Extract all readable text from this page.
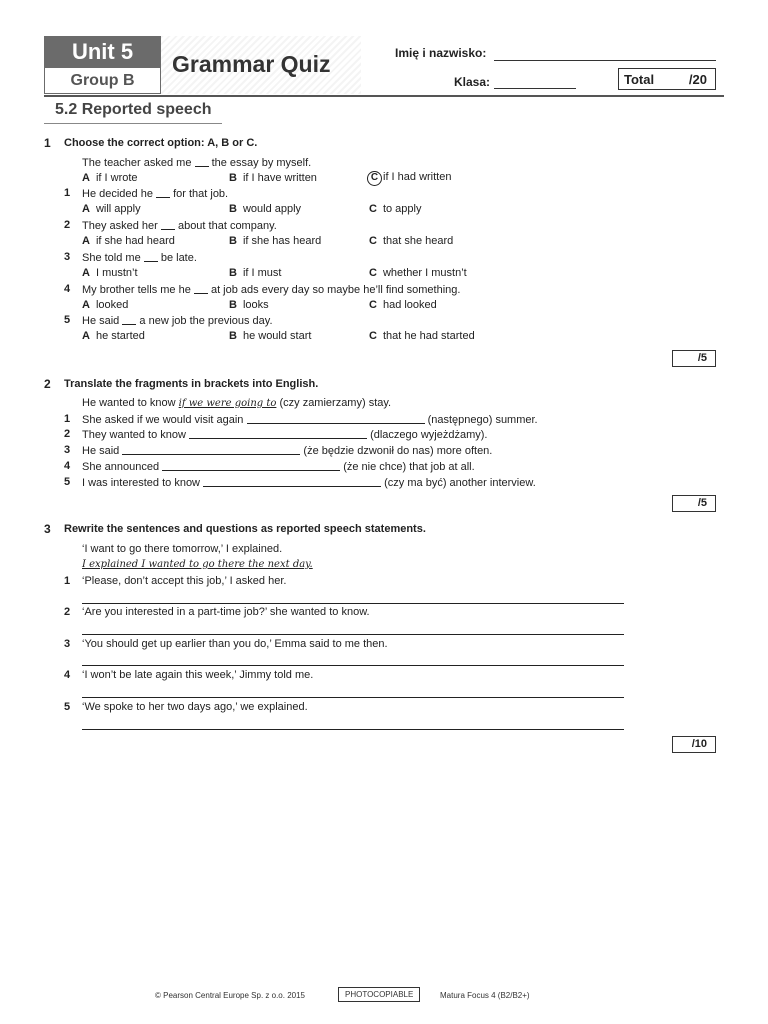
Unit 5
Group B
Grammar Quiz	Imię i nazwisko:
Klasa:	Total	/20
5.2 Reported speech
1 Choose the correct option: A, B or C.
The teacher asked me the essay by myself.
A if I wrote	B if I have written	C if I had written
1 He decided he for that job.
A will apply	B would apply	C to apply
2 They asked her about that company.
A if she had heard	B if she has heard	C that she heard
3 She told me be late.
A I mustn’t	B if I must	C whether I mustn’t
4 My brother tells me he at job ads every day so maybe he’ll find something.
A looked	B looks	C had looked
5 He said a new job the previous day.
A he started	B he would start	C that he had started
/5
2 Translate the fragments in brackets into English.
He wanted to know if we were going to (czy zamierzamy) stay.
1 She asked if we would visit again	(następnego) summer.
2 They wanted to know	(dlaczego wyjeżdżamy).
3 He said	(że będzie dzwonił do nas) more often.
4 She announced	(że nie chce) that job at all.
5 I was interested to know	(czy ma być) another interview.
/5
3 Rewrite the sentences and questions as reported speech statements.
‘I want to go there tomorrow,’ I explained.
I explained I wanted to go there the next day.
1 ‘Please, don’t accept this job,’ I asked her.
2 ‘Are you interested in a part-time job?’ she wanted to know.
3 ‘You should get up earlier than you do,’ Emma said to me then.
4 ‘I won’t be late again this week,’ Jimmy told me.
5 ‘We spoke to her two days ago,’ we explained.
/10
© Pearson Central Europe Sp. z o.o. 2015	PHOTOCOPIABLE	Matura Focus 4 (B2/B2+)
